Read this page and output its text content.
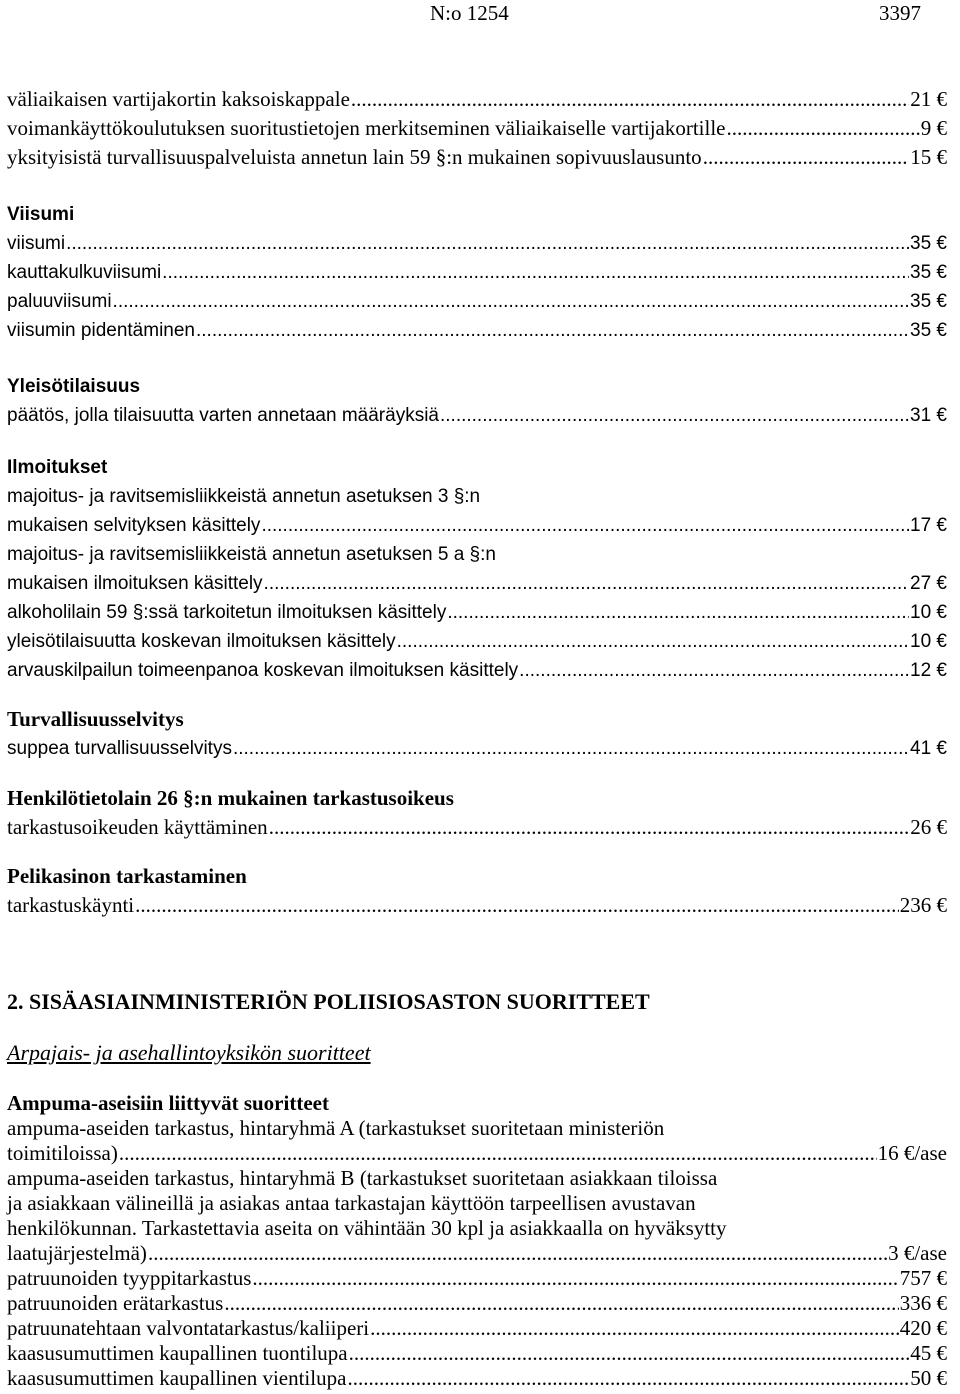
N:o 1254	3397
väliaikaisen vartijakortin kaksoiskappale .....	21 €
voimankäyttökoulutuksen suoritustietojen merkitseminen väliaikaiselle vartijakortille .....	9 €
yksityisistä turvallisuuspalveluista annetun lain 59 §:n mukainen sopivuuslausunto .....	15 €
Viisumi
viisumi .....	35 €
kauttakulkuviisumi .....	35 €
paluuviisumi .....	35 €
viisumin pidentäminen .....	35 €
Yleisötilaisuus
päätös, jolla tilaisuutta varten annetaan määräyksiä .....	31 €
Ilmoitukset
majoitus- ja ravitsemisliikkeistä annetun asetuksen 3 §:n
mukaisen selvityksen käsittely .....	17 €
majoitus- ja ravitsemisliikkeistä annetun asetuksen 5 a §:n
mukaisen ilmoituksen käsittely .....	27 €
alkoholilain 59 §:ssä tarkoitetun ilmoituksen käsittely .....	10 €
yleisötilaisuutta koskevan ilmoituksen käsittely .....	10 €
arvauskilpailun toimeenpanoa koskevan ilmoituksen käsittely .....	12 €
Turvallisuusselvitys
suppea turvallisuusselvitys .....	41 €
Henkilötietolain 26 §:n mukainen tarkastusoikeus
tarkastusoikeuden käyttäminen .....	26 €
Pelikasinon tarkastaminen
tarkastuskäynti .....	236 €
2. SISÄASIAINMINISTERIÖN POLIISIOSASTON SUORITTEET
Arpajais- ja asehallintoyksikön suoritteet
Ampuma-aseisiin liittyvät suoritteet
ampuma-aseiden tarkastus, hintaryhmä A (tarkastukset suoritetaan ministeriön
toimitiloissa) .....	16 €/ase
ampuma-aseiden tarkastus, hintaryhmä B (tarkastukset suoritetaan asiakkaan tiloissa
ja asiakkaan välineillä ja asiakas antaa tarkastajan käyttöön tarpeellisen avustavan
henkilökunnan. Tarkastettavia aseita on vähintään 30 kpl ja asiakkaalla on hyväksytty
laatujärjestelmä) .....	3 €/ase
patruunoiden tyyppitarkastus .....	757 €
patruunoiden erätarkastus .....	336 €
patruunatehtaan valvontatarkastus/kaliiperi .....	420 €
kaasusumuttimen kaupallinen tuontilupa .....	45 €
kaasusumuttimen kaupallinen vientilupa .....	50 €
